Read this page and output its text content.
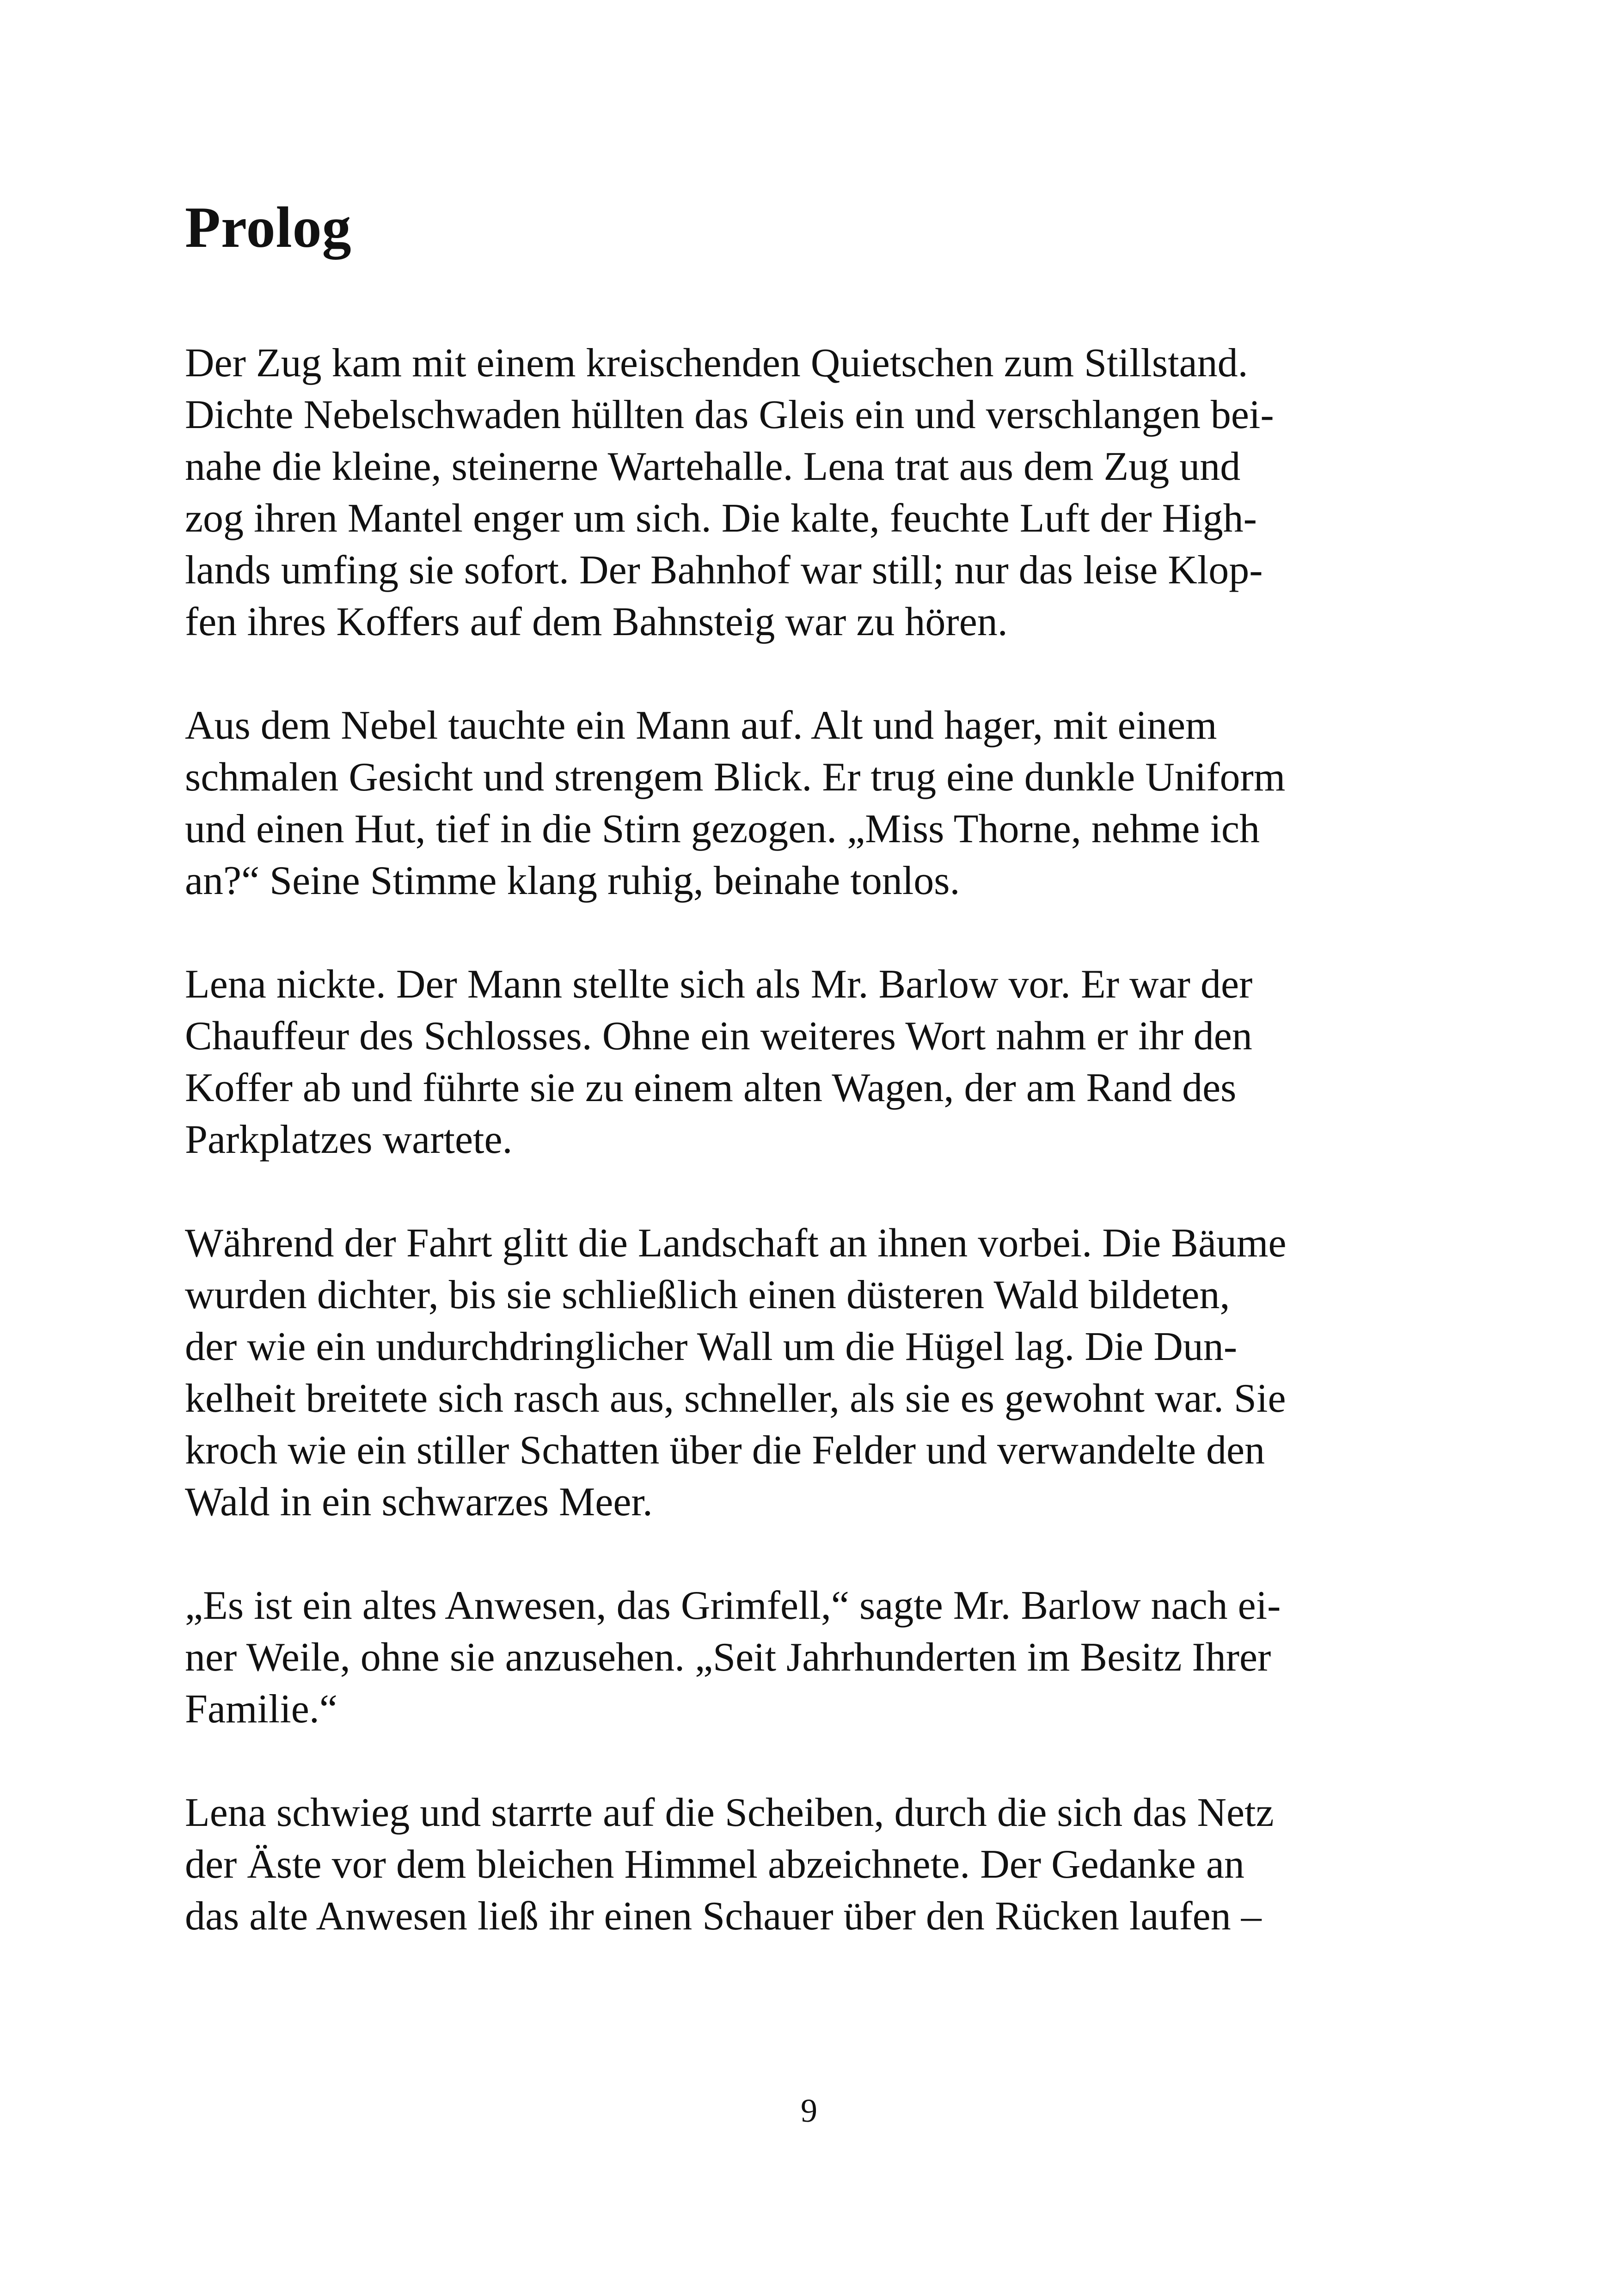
Prolog

Der Zug kam mit einem kreischenden Quietschen zum Stillstand.
Dichte Nebelschwaden hüllten das Gleis ein und verschlangen bei-
nahe die kleine, steinerne Wartehalle. Lena trat aus dem Zug und
zog ihren Mantel enger um sich. Die kalte, feuchte Luft der High-
lands umfing sie sofort. Der Bahnhof war still; nur das leise Klop-
fen ihres Koffers auf dem Bahnsteig war zu hören.

Aus dem Nebel tauchte ein Mann auf. Alt und hager, mit einem
schmalen Gesicht und strengem Blick. Er trug eine dunkle Uniform
und einen Hut, tief in die Stirn gezogen. „Miss Thorne, nehme ich
an?“ Seine Stimme klang ruhig, beinahe tonlos.

Lena nickte. Der Mann stellte sich als Mr. Barlow vor. Er war der
Chauffeur des Schlosses. Ohne ein weiteres Wort nahm er ihr den
Koffer ab und führte sie zu einem alten Wagen, der am Rand des
Parkplatzes wartete.

Während der Fahrt glitt die Landschaft an ihnen vorbei. Die Bäume
wurden dichter, bis sie schließlich einen düsteren Wald bildeten,
der wie ein undurchdringlicher Wall um die Hügel lag. Die Dun-
kelheit breitete sich rasch aus, schneller, als sie es gewohnt war. Sie
kroch wie ein stiller Schatten über die Felder und verwandelte den
Wald in ein schwarzes Meer.

„Es ist ein altes Anwesen, das Grimfell,“ sagte Mr. Barlow nach ei-
ner Weile, ohne sie anzusehen. „Seit Jahrhunderten im Besitz Ihrer
Familie.“

Lena schwieg und starrte auf die Scheiben, durch die sich das Netz
der Äste vor dem bleichen Himmel abzeichnete. Der Gedanke an
das alte Anwesen ließ ihr einen Schauer über den Rücken laufen –

9
